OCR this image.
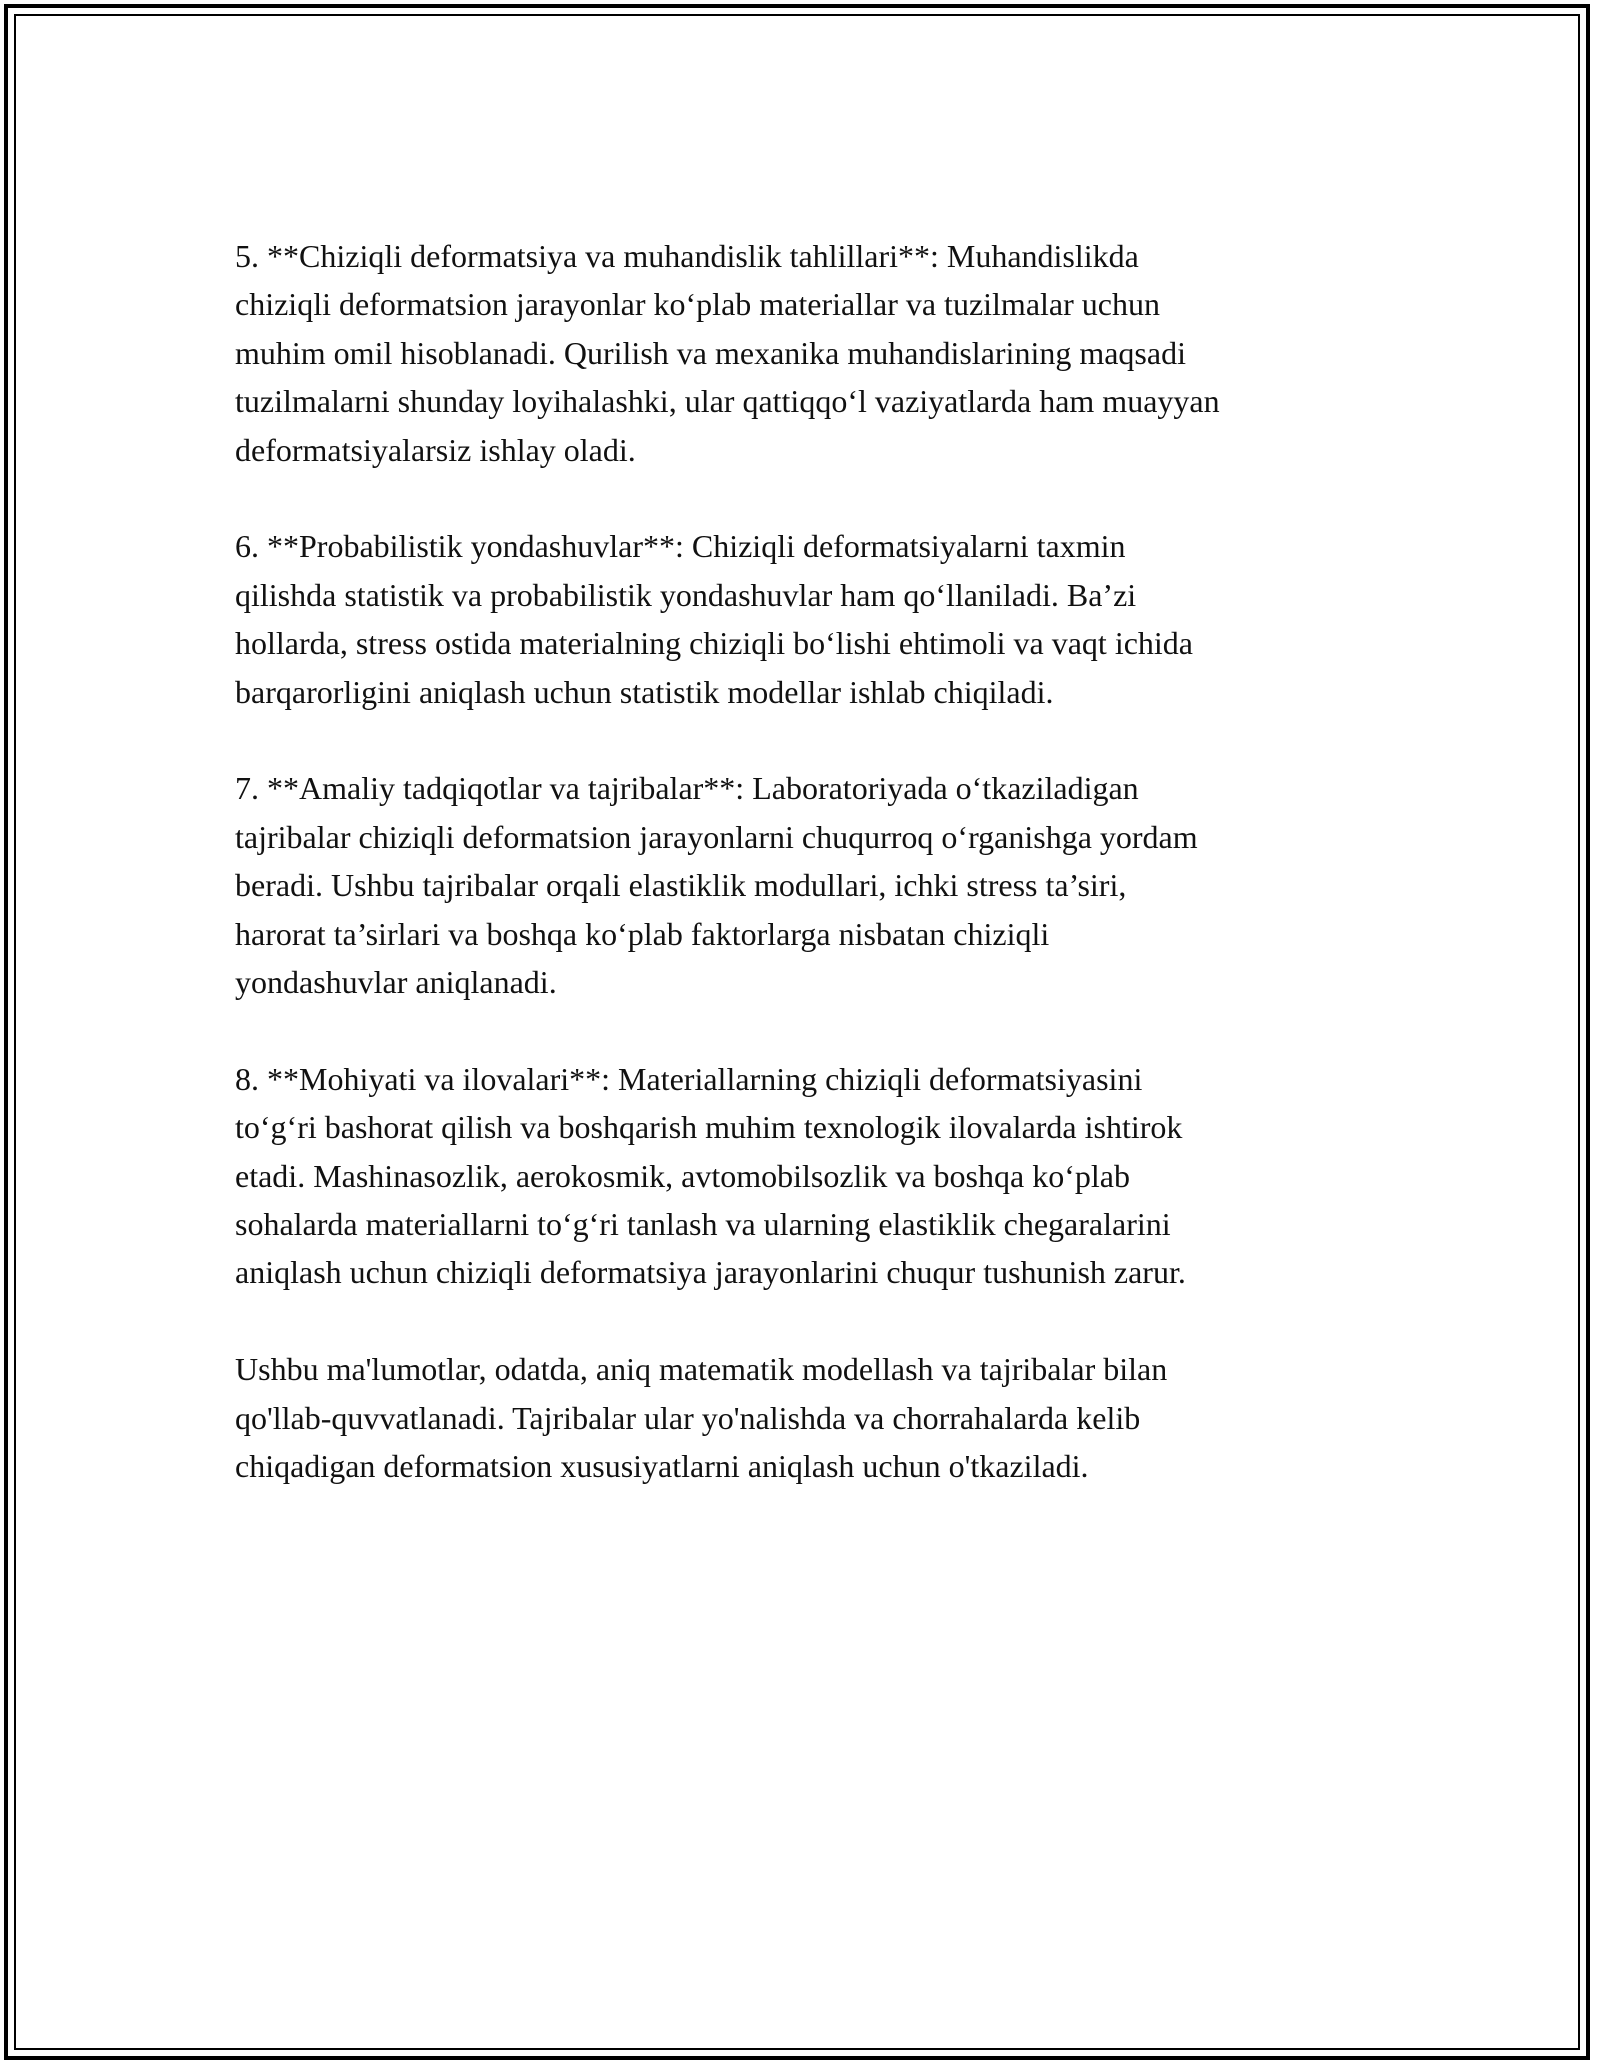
5. **Chiziqli deformatsiya va muhandislik tahlillari**: Muhandislikda
chiziqli deformatsion jarayonlar ko‘plab materiallar va tuzilmalar uchun
muhim omil hisoblanadi. Qurilish va mexanika muhandislarining maqsadi
tuzilmalarni shunday loyihalashki, ular qattiqqo‘l vaziyatlarda ham muayyan
deformatsiyalarsiz ishlay oladi.
6. **Probabilistik yondashuvlar**: Chiziqli deformatsiyalarni taxmin
qilishda statistik va probabilistik yondashuvlar ham qo‘llaniladi. Ba’zi
hollarda, stress ostida materialning chiziqli bo‘lishi ehtimoli va vaqt ichida
barqarorligini aniqlash uchun statistik modellar ishlab chiqiladi.
7. **Amaliy tadqiqotlar va tajribalar**: Laboratoriyada o‘tkaziladigan
tajribalar chiziqli deformatsion jarayonlarni chuqurroq o‘rganishga yordam
beradi. Ushbu tajribalar orqali elastiklik modullari, ichki stress ta’siri,
harorat ta’sirlari va boshqa ko‘plab faktorlarga nisbatan chiziqli
yondashuvlar aniqlanadi.
8. **Mohiyati va ilovalari**: Materiallarning chiziqli deformatsiyasini
to‘g‘ri bashorat qilish va boshqarish muhim texnologik ilovalarda ishtirok
etadi. Mashinasozlik, aerokosmik, avtomobilsozlik va boshqa ko‘plab
sohalarda materiallarni to‘g‘ri tanlash va ularning elastiklik chegaralarini
aniqlash uchun chiziqli deformatsiya jarayonlarini chuqur tushunish zarur.
Ushbu ma'lumotlar, odatda, aniq matematik modellash va tajribalar bilan
qo'llab-quvvatlanadi. Tajribalar ular yo'nalishda va chorrahalarda kelib
chiqadigan deformatsion xususiyatlarni aniqlash uchun o'tkaziladi.
